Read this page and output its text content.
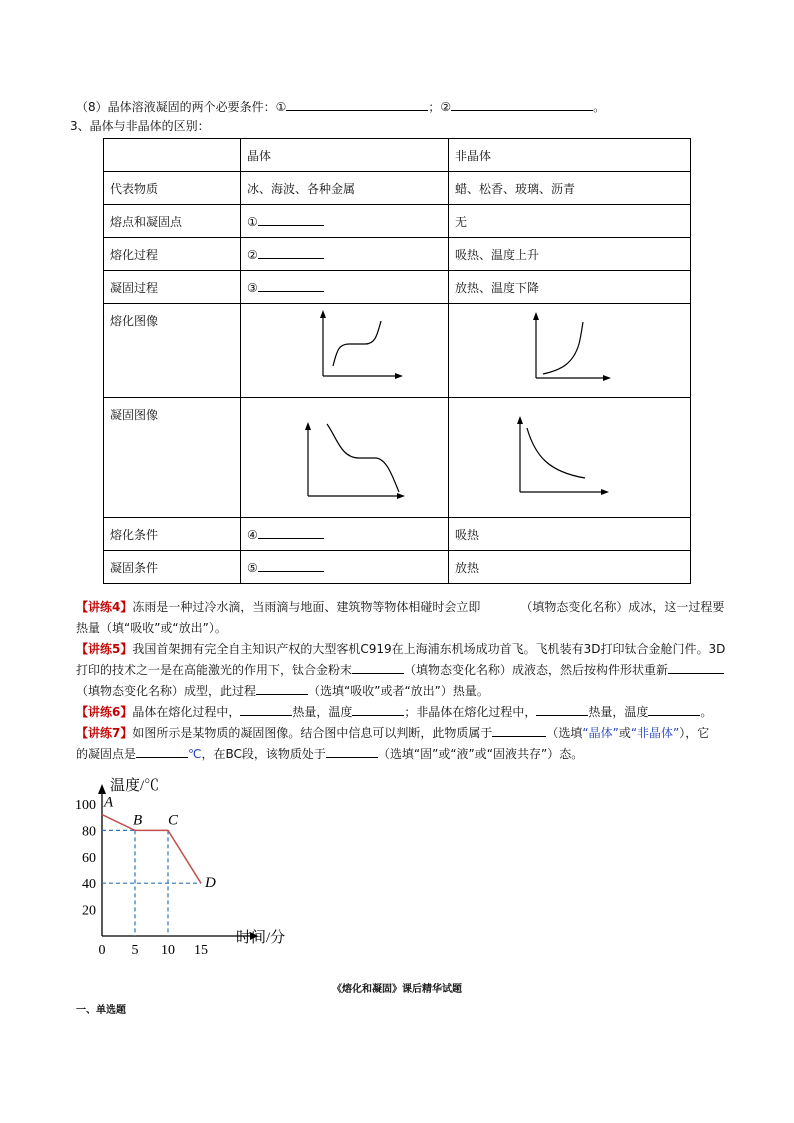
（8）晶体溶液凝固的两个必要条件：①	；②	。
3、晶体与非晶体的区别：
	晶体	非晶体
代表物质	冰、海波、各种金属	蜡、松香、玻璃、沥青
熔点和凝固点	①	无
熔化过程	②	吸热、温度上升
凝固过程	③	放热、温度下降
熔化图像		
凝固图像		
熔化条件	④	吸热
凝固条件	⑤	放热
【讲练4】冻雨是一种过冷水滴，当雨滴与地面、建筑物等物体相碰时会立即	（填物态变化名称）成冰，这一过程要
热量（填“吸收”或“放出”）。
【讲练5】我国首架拥有完全自主知识产权的大型客机C919在上海浦东机场成功首飞。飞机装有3D打印钛合金舱门件。3D
打印的技术之一是在高能激光的作用下，钛合金粉末	（填物态变化名称）成液态，然后按构件形状重新
（填物态变化名称）成型，此过程	（选填“吸收”或者“放出”）热量。
【讲练6】晶体在熔化过程中，	热量，温度	；非晶体在熔化过程中，	热量，温度	。
【讲练7】如图所示是某物质的凝固图像。结合图中信息可以判断，此物质属于	（选填“晶体”或“非晶体”），它
的凝固点是	℃，在BC段，该物质处于	（选填“固”或“液”或“固液共存”）态。
温度/℃
时间/分
100
80
60
40
20
0 5 10 15
A
B C
D
《熔化和凝固》课后精华试题
一、单选题
